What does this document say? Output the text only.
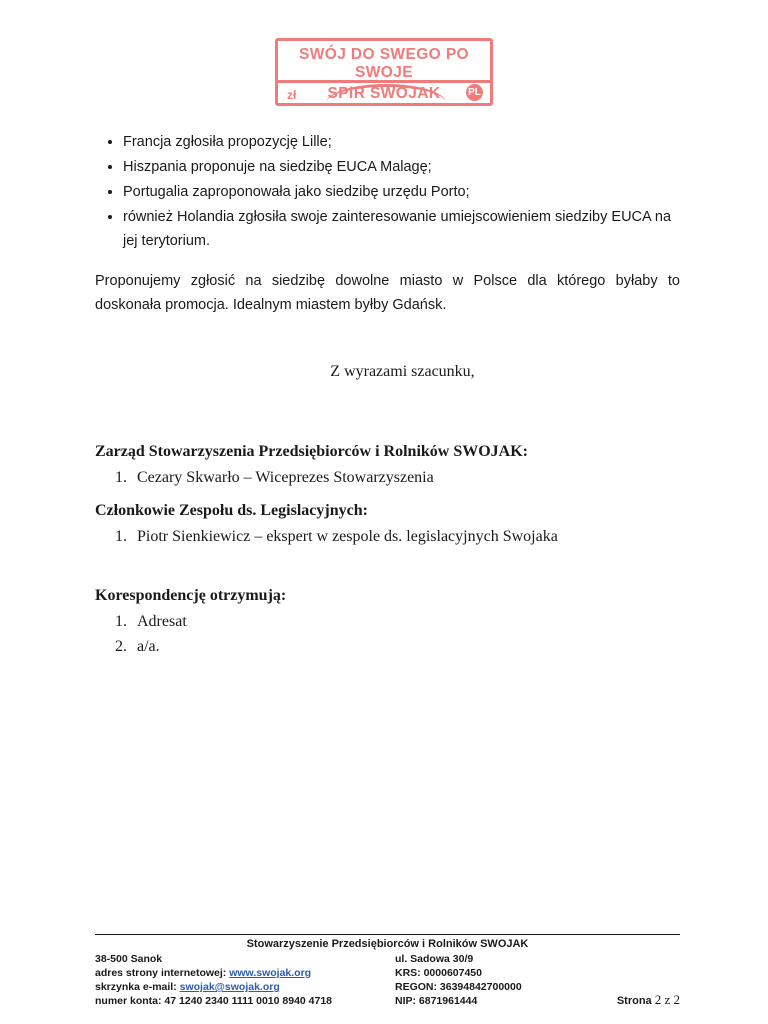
SWÓJ DO SWEGO PO SWOJE
SPiR SWOJAK
zł	PL
• Francja zgłosiła propozycję Lille;
• Hiszpania proponuje na siedzibę EUCA Malagę;
• Portugalia zaproponowała jako siedzibę urzędu Porto;
• również Holandia zgłosiła swoje zainteresowanie umiejscowieniem siedziby EUCA na jej terytorium.

Proponujemy zgłosić na siedzibę dowolne miasto w Polsce dla którego byłaby to doskonała promocja. Idealnym miastem byłby Gdańsk.

Z wyrazami szacunku,
Zarząd Stowarzyszenia Przedsiębiorców i Rolników SWOJAK:
1. Cezary Skwarło – Wiceprezes Stowarzyszenia
Członkowie Zespołu ds. Legislacyjnych:
1. Piotr Sienkiewicz – ekspert w zespole ds. legislacyjnych Swojaka
Korespondencję otrzymują:
1. Adresat
2. a/a.
Stowarzyszenie Przedsiębiorców i Rolników SWOJAK
38-500 Sanok
adres strony internetowej: www.swojak.org
skrzynka e-mail: swojak@swojak.org
numer konta: 47 1240 2340 1111 0010 8940 4718
ul. Sadowa 30/9
KRS: 0000607450
REGON: 36394842700000
NIP: 6871961444	Strona 2 z 2
